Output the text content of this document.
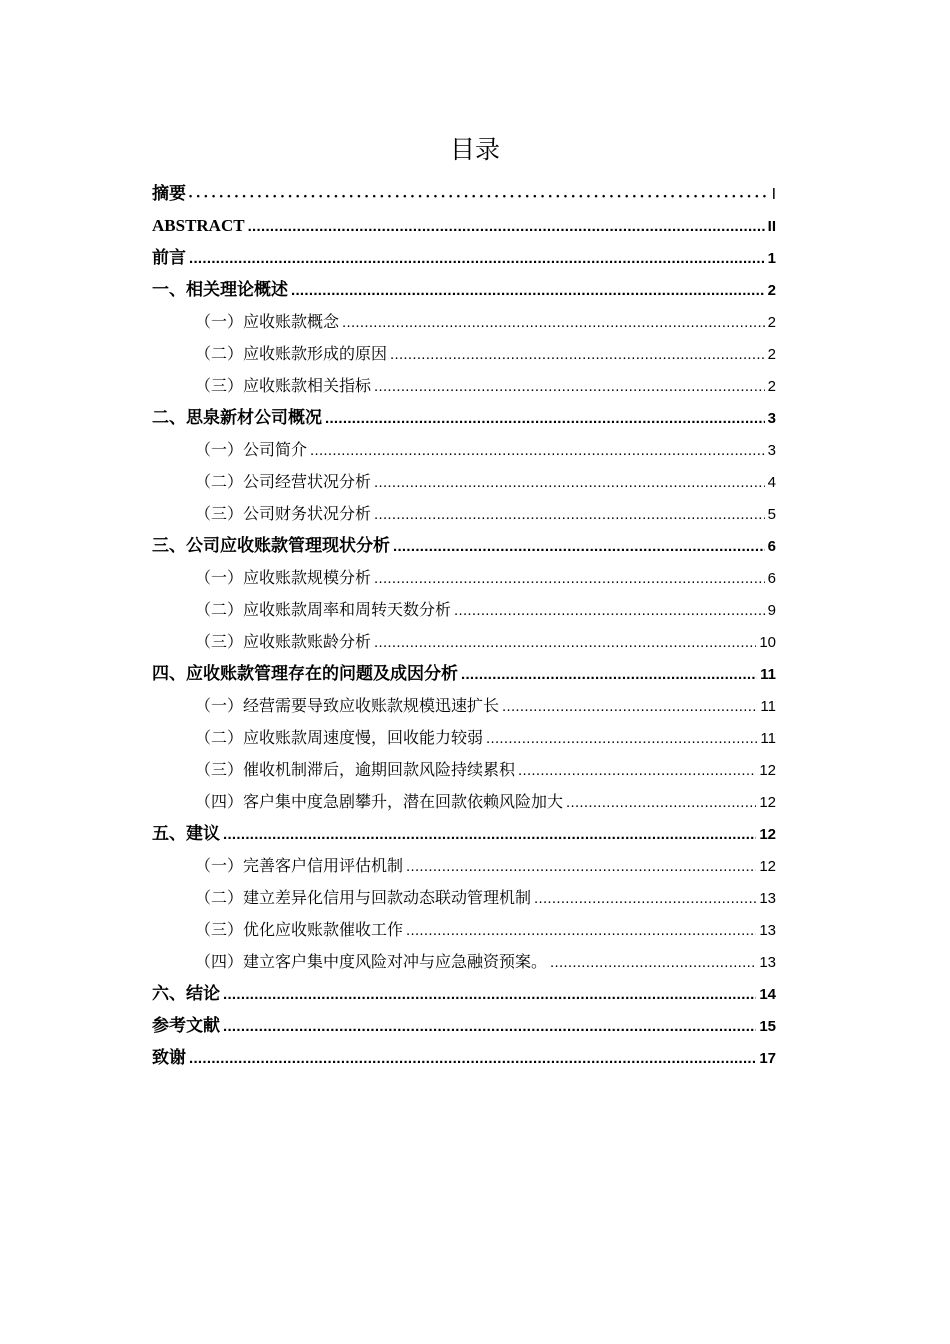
目录
摘要 • • •	Ⅰ
ABSTRACT .....	II
前言 .....	1
一、相关理论概述 .....	2
（一） 应收账款概念 .....	2
（二） 应收账款形成的原因 .....	2
（三） 应收账款相关指标 .....	2
二、思泉新材公司概况 .....	3
（一） 公司简介 .....	3
（二） 公司经营状况分析 .....	4
（三） 公司财务状况分析 .....	5
三、公司应收账款管理现状分析 .....	6
（一） 应收账款规模分析 .....	6
（二） 应收账款周率和周转天数分析 .....	9
（三） 应收账款账龄分析 .....	10
四、应收账款管理存在的问题及成因分析 .....	11
（一） 经营需要导致应收账款规模迅速扩长 .....	11
（二） 应收账款周速度慢，回收能力较弱 .....	11
（三） 催收机制滞后，逾期回款风险持续累积 .....	12
（四） 客户集中度急剧攀升，潜在回款依赖风险加大 .....	12
五、建议 .....	12
（一） 完善客户信用评估机制 .....	12
（二） 建立差异化信用与回款动态联动管理机制 .....	13
（三） 优化应收账款催收工作 .....	13
（四） 建立客户集中度风险对冲与应急融资预案。 .....	13
六、结论 .....	14
参考文献 .....	15
致谢 .....	17
